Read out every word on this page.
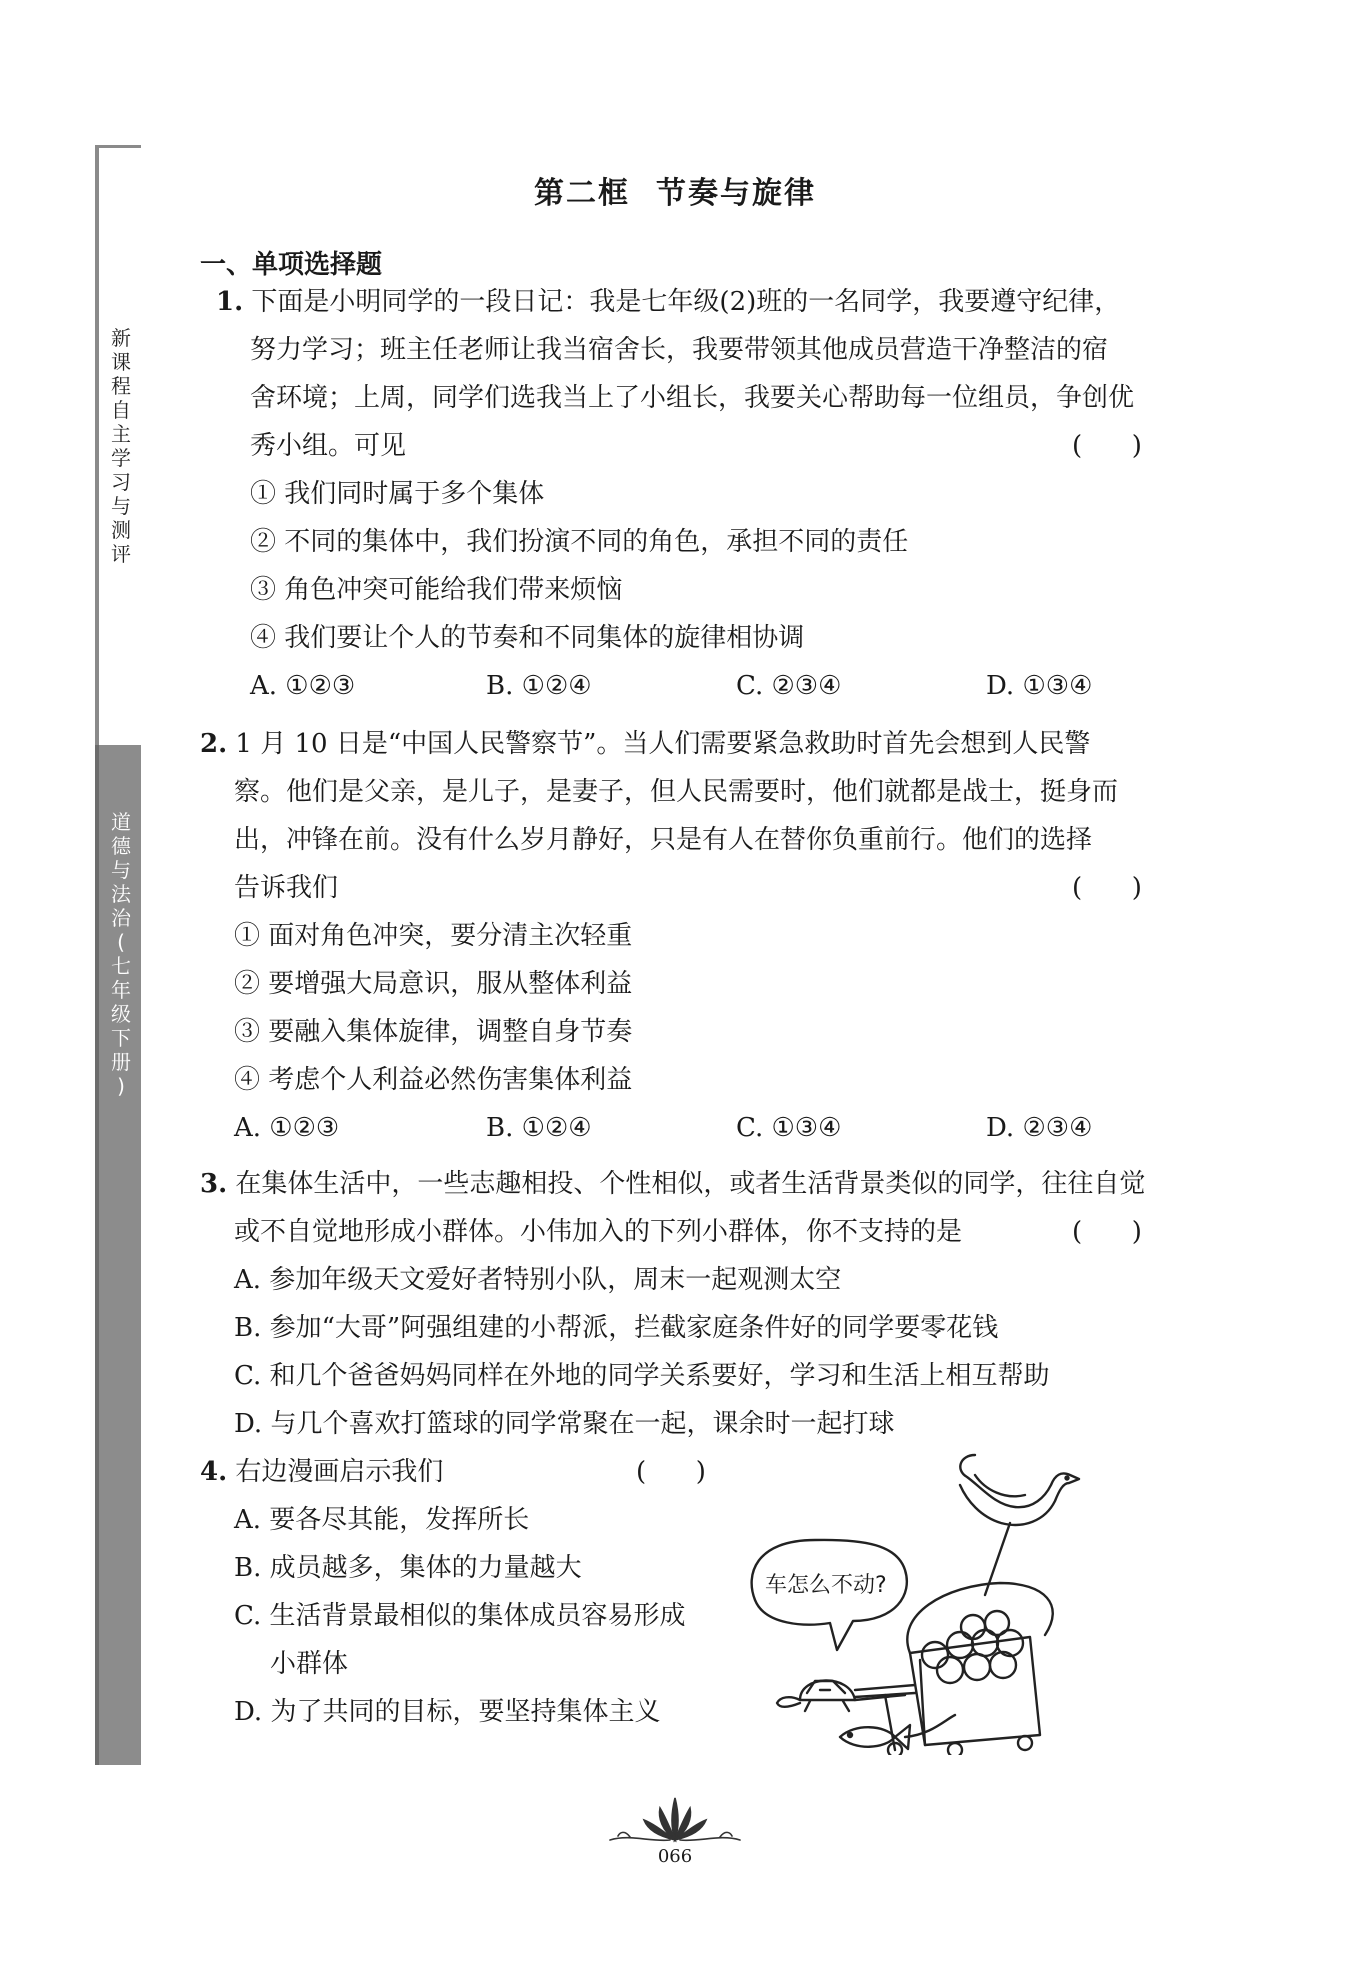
新
课
程
自
主
学
习
与
测
评
道
德
与
法
治
(
七
年
级
下
册
)
第二框 节奏与旋律
一、单项选择题
1. 下面是小明同学的一段日记：我是七年级(2)班的一名同学，我要遵守纪律，
努力学习；班主任老师让我当宿舍长，我要带领其他成员营造干净整洁的宿
舍环境；上周，同学们选我当上了小组长，我要关心帮助每一位组员，争创优
秀小组。可见	(      )
① 我们同时属于多个集体
② 不同的集体中，我们扮演不同的角色，承担不同的责任
③ 角色冲突可能给我们带来烦恼
④ 我们要让个人的节奏和不同集体的旋律相协调
A. ①②③	B. ①②④	C. ②③④	D. ①③④
2. 1 月 10 日是“中国人民警察节”。当人们需要紧急救助时首先会想到人民警
察。他们是父亲，是儿子，是妻子，但人民需要时，他们就都是战士，挺身而
出，冲锋在前。没有什么岁月静好，只是有人在替你负重前行。他们的选择
告诉我们	(      )
① 面对角色冲突，要分清主次轻重
② 要增强大局意识，服从整体利益
③ 要融入集体旋律，调整自身节奏
④ 考虑个人利益必然伤害集体利益
A. ①②③	B. ①②④	C. ①③④	D. ②③④
3. 在集体生活中，一些志趣相投、个性相似，或者生活背景类似的同学，往往自觉
或不自觉地形成小群体。小伟加入的下列小群体，你不支持的是	(      )
A. 参加年级天文爱好者特别小队，周末一起观测太空
B. 参加“大哥”阿强组建的小帮派，拦截家庭条件好的同学要零花钱
C. 和几个爸爸妈妈同样在外地的同学关系要好，学习和生活上相互帮助
D. 与几个喜欢打篮球的同学常聚在一起，课余时一起打球
4. 右边漫画启示我们	(      )
A. 要各尽其能，发挥所长
B. 成员越多，集体的力量越大
C. 生活背景最相似的集体成员容易形成
小群体
D. 为了共同的目标，要坚持集体主义
车怎么不动?
066
